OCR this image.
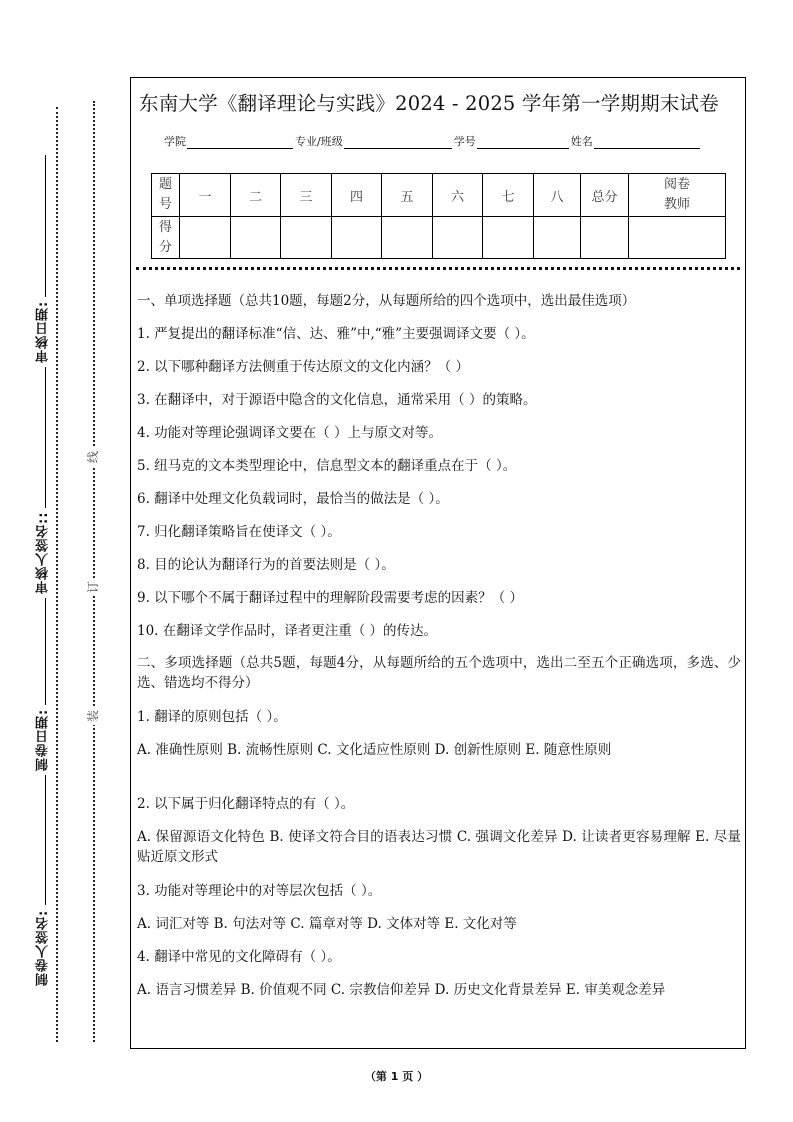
审核日期:
审核人签名::
制卷日期:
制卷人签名:
线
订
装
东南大学《翻译理论与实践》2024 - 2025 学年第一学期期末试卷
学院	专业/班级	学号	姓名
题号	一	二	三	四	五	六	七	八	总分	阅卷教师
得分										

一、单项选择题（总共10题，每题2分，从每题所给的四个选项中，选出最佳选项）

1. 严复提出的翻译标准“信、达、雅”中,“雅”主要强调译文要（ ）。

2. 以下哪种翻译方法侧重于传达原文的文化内涵？（ ）

3. 在翻译中，对于源语中隐含的文化信息，通常采用（ ）的策略。

4. 功能对等理论强调译文要在（ ）上与原文对等。

5. 纽马克的文本类型理论中，信息型文本的翻译重点在于（ ）。

6. 翻译中处理文化负载词时，最恰当的做法是（ ）。

7. 归化翻译策略旨在使译文（ ）。

8. 目的论认为翻译行为的首要法则是（ ）。

9. 以下哪个不属于翻译过程中的理解阶段需要考虑的因素？（ ）

10. 在翻译文学作品时，译者更注重（ ）的传达。

二、多项选择题（总共5题，每题4分，从每题所给的五个选项中，选出二至五个正确选项，多选、少选、错选均不得分）

1. 翻译的原则包括（ ）。

A. 准确性原则 B. 流畅性原则 C. 文化适应性原则 D. 创新性原则 E. 随意性原则

2. 以下属于归化翻译特点的有（ ）。

A. 保留源语文化特色 B. 使译文符合目的语表达习惯 C. 强调文化差异 D. 让读者更容易理解 E. 尽量贴近原文形式

3. 功能对等理论中的对等层次包括（ ）。

A. 词汇对等 B. 句法对等 C. 篇章对等 D. 文体对等 E. 文化对等

4. 翻译中常见的文化障碍有（ ）。

A. 语言习惯差异 B. 价值观不同 C. 宗教信仰差异 D. 历史文化背景差异 E. 审美观念差异

（第 1 页 ）
